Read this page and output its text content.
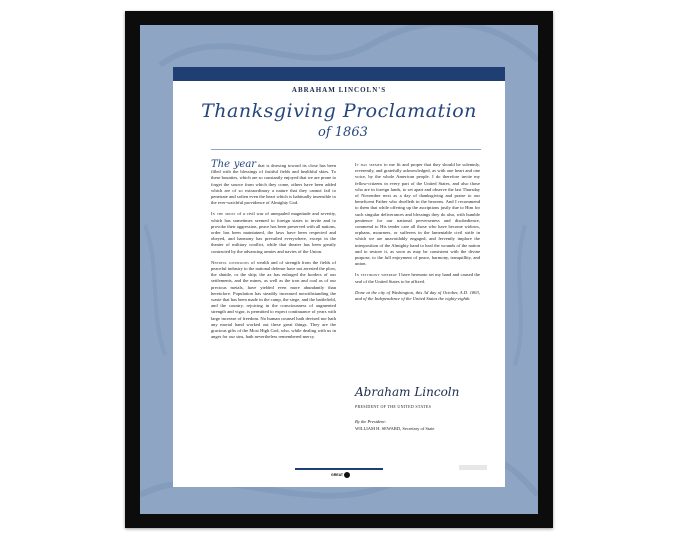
ABRAHAM LINCOLN'S
Thanksgiving Proclamation
of 1863

The year that is drawing toward its close has been filled with the blessings of fruitful fields and healthful skies. To these bounties, which are so constantly enjoyed that we are prone to forget the source from which they come, others have been added which are of so extraordinary a nature that they cannot fail to penetrate and soften even the heart which is habitually insensible to the ever-watchful providence of Almighty God.

In the midst of a civil war of unequaled magnitude and severity, which has sometimes seemed to foreign states to invite and to provoke their aggression, peace has been preserved with all nations, order has been maintained, the laws have been respected and obeyed, and harmony has prevailed everywhere, except in the theater of military conflict, while that theater has been greatly contracted by the advancing armies and navies of the Union.

Needful diversions of wealth and of strength from the fields of peaceful industry to the national defense have not arrested the plow, the shuttle, or the ship; the ax has enlarged the borders of our settlements, and the mines, as well as the iron and coal as of our precious metals, have yielded even more abundantly than heretofore. Population has steadily increased notwithstanding the waste that has been made in the camp, the siege, and the battlefield, and the country, rejoicing in the consciousness of augmented strength and vigor, is permitted to expect continuance of years with large increase of freedom. No human counsel hath devised nor hath any mortal hand worked out these great things. They are the gracious gifts of the Most High God, who, while dealing with us in anger for our sins, hath nevertheless remembered mercy.

It has seemed to me fit and proper that they should be solemnly, reverently, and gratefully acknowledged, as with one heart and one voice, by the whole American people. I do therefore invite my fellow-citizens in every part of the United States, and also those who are in foreign lands, to set apart and observe the last Thursday of November next as a day of thanksgiving and praise to our beneficent Father who dwelleth in the heavens. And I recommend to them that while offering up the ascriptions justly due to Him for such singular deliverances and blessings they do also, with humble penitence for our national perverseness and disobedience, commend to His tender care all those who have become widows, orphans, mourners, or sufferers in the lamentable civil strife in which we are unavoidably engaged, and fervently implore the interposition of the Almighty hand to heal the wounds of the nation and to restore it, as soon as may be consistent with the divine purpose, to the full enjoyment of peace, harmony, tranquillity, and union.

In testimony whereof I have hereunto set my hand and caused the seal of the United States to be affixed.

Done at the city of Washington, this 3d day of October, A.D. 1863, and of the Independence of the United States the eighty-eighth.

Abraham Lincoln
PRESIDENT OF THE UNITED STATES
By the President:
WILLIAM H. SEWARD, Secretary of State
GREAT
